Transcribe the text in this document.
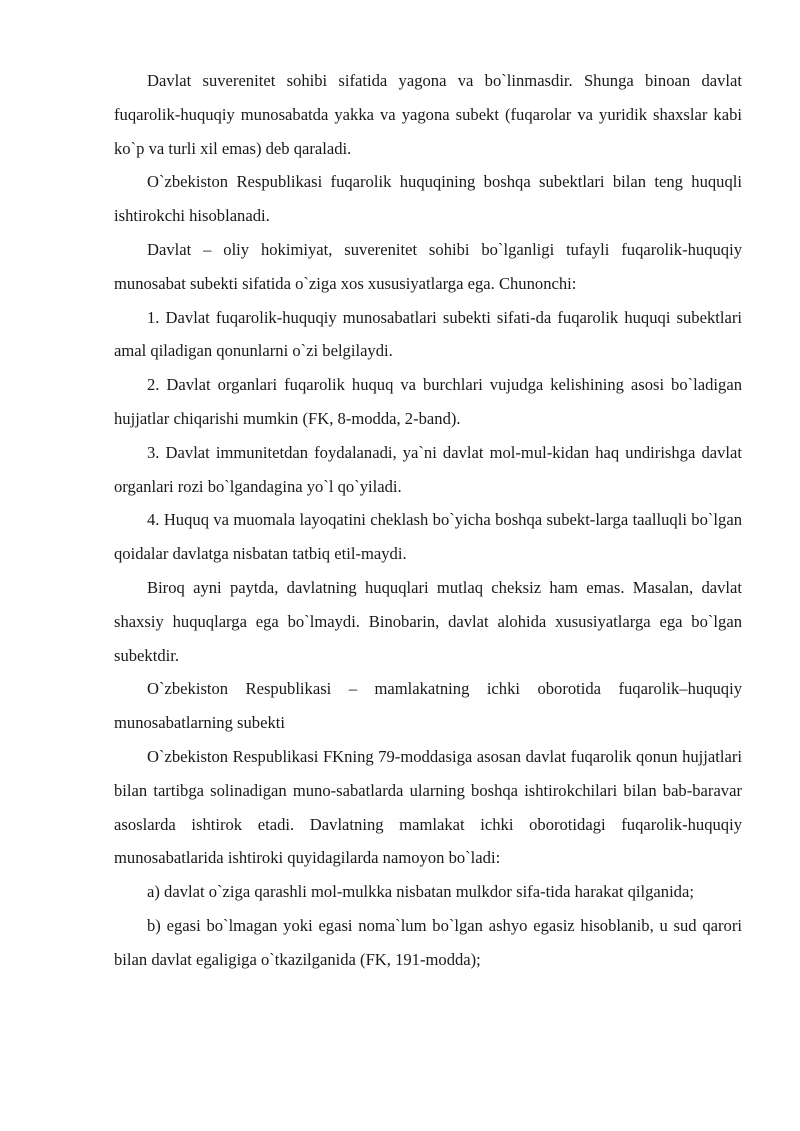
Davlat suverenitet sohibi sifatida yagona va bo`linmasdir. Shunga binoan davlat fuqarolik-huquqiy munosabatda yakka va yagona subekt (fuqarolar va yuridik shaxslar kabi ko`p va turli xil emas) deb qaraladi.

O`zbekiston Respublikasi fuqarolik huquqining boshqa subektlari bilan teng huquqli ishtirokchi hisoblanadi.

Davlat – oliy hokimiyat, suverenitet sohibi bo`lganligi tufayli fuqarolik-huquqiy munosabat subekti sifatida o`ziga xos xususiyatlarga ega. Chunonchi:

1. Davlat fuqarolik-huquqiy munosabatlari subekti sifati-da fuqarolik huquqi subektlari amal qiladigan qonunlarni o`zi belgilaydi.

2. Davlat organlari fuqarolik huquq va burchlari vujudga kelishining asosi bo`ladigan hujjatlar chiqarishi mumkin (FK, 8-modda, 2-band).

3. Davlat immunitetdan foydalanadi, ya`ni davlat mol-mul-kidan haq undirishga davlat organlari rozi bo`lgandagina yo`l qo`yiladi.

4. Huquq va muomala layoqatini cheklash bo`yicha boshqa subekt-larga taalluqli bo`lgan qoidalar davlatga nisbatan tatbiq etil-maydi.

Biroq ayni paytda, davlatning huquqlari mutlaq cheksiz ham emas. Masalan, davlat shaxsiy huquqlarga ega bo`lmaydi. Binobarin, davlat alohida xususiyatlarga ega bo`lgan subektdir.

O`zbekiston Respublikasi – mamlakatning ichki oborotida fuqarolik–huquqiy munosabatlarning subekti

O`zbekiston Respublikasi FKning 79-moddasiga asosan davlat fuqarolik qonun hujjatlari bilan tartibga solinadigan muno-sabatlarda ularning boshqa ishtirokchilari bilan bab-baravar asoslarda ishtirok etadi. Davlatning mamlakat ichki oborotidagi fuqarolik-huquqiy munosabatlarida ishtiroki quyidagilarda namoyon bo`ladi:

a) davlat o`ziga qarashli mol-mulkka nisbatan mulkdor sifa-tida harakat qilganida;

b) egasi bo`lmagan yoki egasi noma`lum bo`lgan ashyo egasiz hisoblanib, u sud qarori bilan davlat egaligiga o`tkazilganida (FK, 191-modda);
